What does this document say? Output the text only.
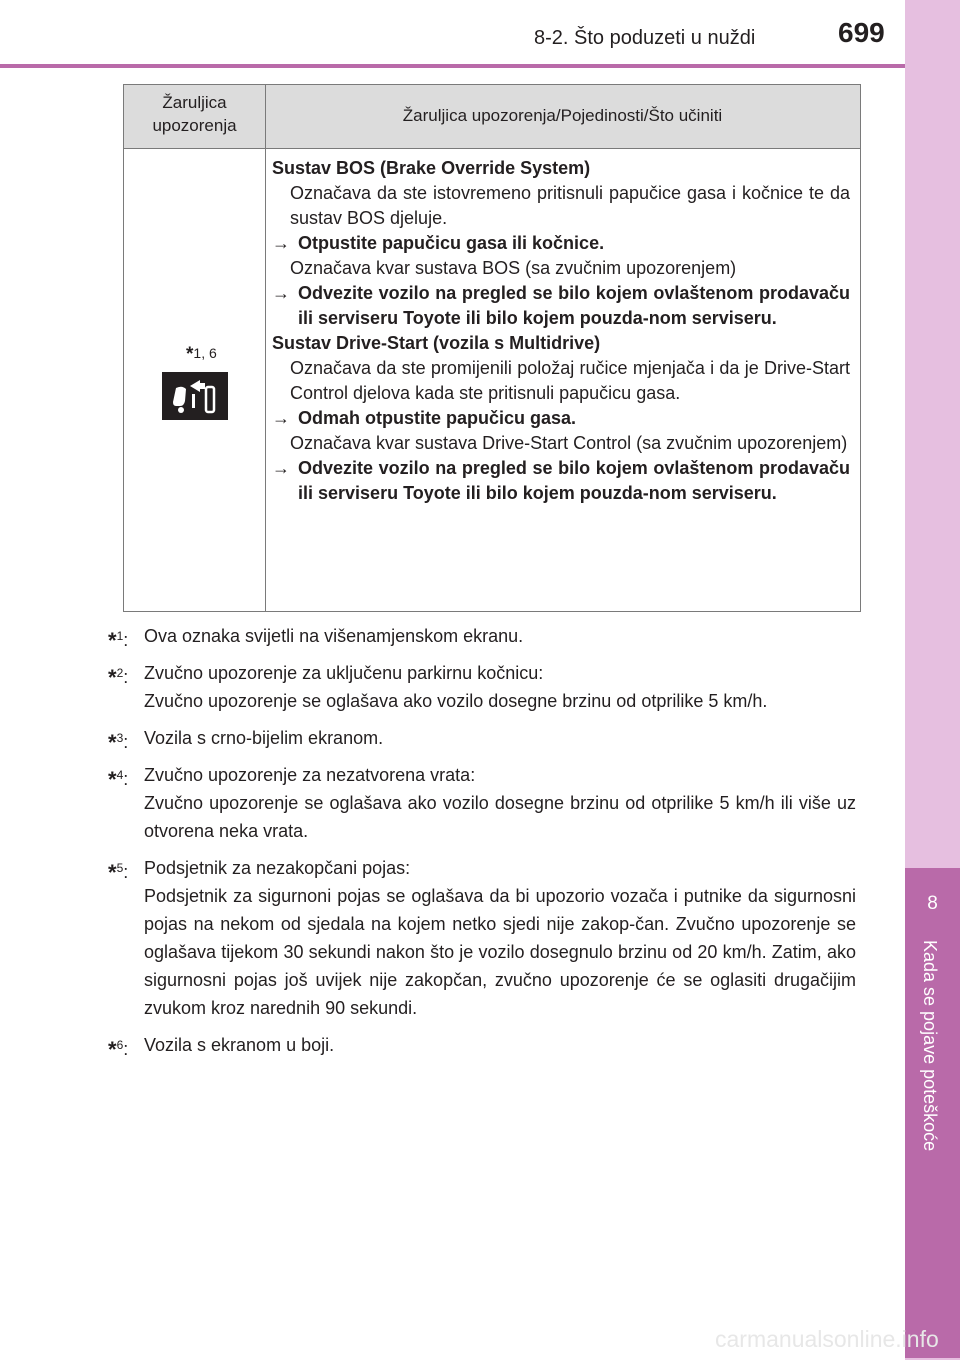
8
Kada se pojave poteškoće
8-2. Što poduzeti u nuždi	699
Žaruljica
upozorenja
Žaruljica upozorenja/Pojedinosti/Što učiniti
*1, 6
Sustav BOS (Brake Override System)
Označava da ste istovremeno pritisnuli papučice gasa i kočnice te da sustav BOS djeluje.
→ Otpustite papučicu gasa ili kočnice.
Označava kvar sustava BOS (sa zvučnim upozorenjem)
→ Odvezite vozilo na pregled se bilo kojem ovlaštenom prodavaču ili serviseru Toyote ili bilo kojem pouzda-nom serviseru.
Sustav Drive-Start (vozila s Multidrive)
Označava da ste promijenili položaj ručice mjenjača i da je Drive-Start Control djelova kada ste pritisnuli papučicu gasa.
→ Odmah otpustite papučicu gasa.
Označava kvar sustava Drive-Start Control (sa zvučnim upozorenjem)
→ Odvezite vozilo na pregled se bilo kojem ovlaštenom prodavaču ili serviseru Toyote ili bilo kojem pouzda-nom serviseru.
*$^1$: Ova oznaka svijetli na višenamjenskom ekranu.
*$^2$: Zvučno upozorenje za uključenu parkirnu kočnicu:
Zvučno upozorenje se oglašava ako vozilo dosegne brzinu od otprilike 5 km/h.
*$^3$: Vozila s crno-bijelim ekranom.
*$^4$: Zvučno upozorenje za nezatvorena vrata:
Zvučno upozorenje se oglašava ako vozilo dosegne brzinu od otprilike 5 km/h ili više uz otvorena neka vrata.
*$^5$: Podsjetnik za nezakopčani pojas:
Podsjetnik za sigurnoni pojas se oglašava da bi upozorio vozača i putnike da sigurnosni pojas na nekom od sjedala na kojem netko sjedi nije zakop-čan. Zvučno upozorenje se oglašava tijekom 30 sekundi nakon što je vozilo dosegnulo brzinu od 20 km/h. Zatim, ako sigurnosni pojas još uvijek nije zakopčan, zvučno upozorenje će se oglasiti drugačijim zvukom kroz narednih 90 sekundi.
*$^6$: Vozila s ekranom u boji.
carmanualsonline.info
